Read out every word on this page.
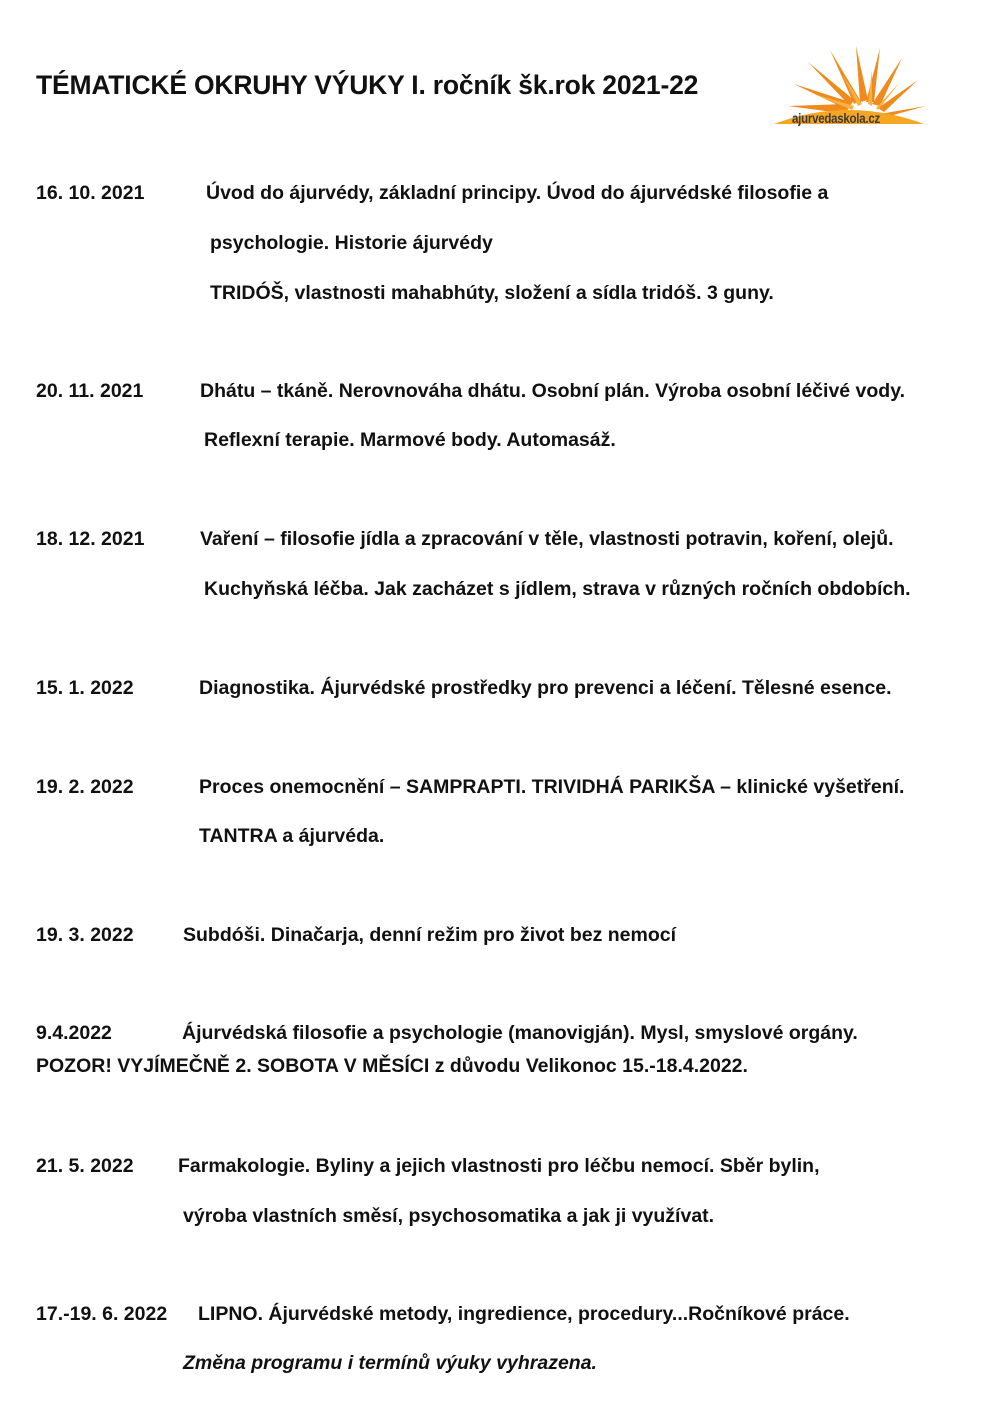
TÉMATICKÉ OKRUHY VÝUKY I. ročník šk.rok 2021-22
ajurvedaskola.cz
16. 10. 2021	Úvod do ájurvédy, základní principy. Úvod do ájurvédské filosofie a
psychologie. Historie ájurvédy
TRIDÓŠ, vlastnosti mahabhúty, složení a sídla tridóš. 3 guny.
20. 11. 2021	Dhátu – tkáně. Nerovnováha dhátu. Osobní plán. Výroba osobní léčivé vody.
Reflexní terapie. Marmové body. Automasáž.
18. 12. 2021	Vaření – filosofie jídla a zpracování v těle, vlastnosti potravin, koření, olejů.
Kuchyňská léčba. Jak zacházet s jídlem, strava v různých ročních obdobích.
15. 1. 2022	Diagnostika. Ájurvédské prostředky pro prevenci a léčení. Tělesné esence.
19. 2. 2022	Proces onemocnění – SAMPRAPTI. TRIVIDHÁ PARIKŠA – klinické vyšetření.
TANTRA a ájurvéda.
19. 3. 2022	Subdóši. Dinačarja, denní režim pro život bez nemocí
9.4.2022	Ájurvédská filosofie a psychologie (manovigján). Mysl, smyslové orgány.
POZOR! VYJÍMEČNĚ 2. SOBOTA V MĚSÍCI z důvodu Velikonoc 15.-18.4.2022.
21. 5. 2022 Farmakologie. Byliny a jejich vlastnosti pro léčbu nemocí. Sběr bylin,
výroba vlastních směsí, psychosomatika a jak ji využívat.
17.-19. 6. 2022 LIPNO. Ájurvédské metody, ingredience, procedury...Ročníkové práce.
Změna programu i termínů výuky vyhrazena.
